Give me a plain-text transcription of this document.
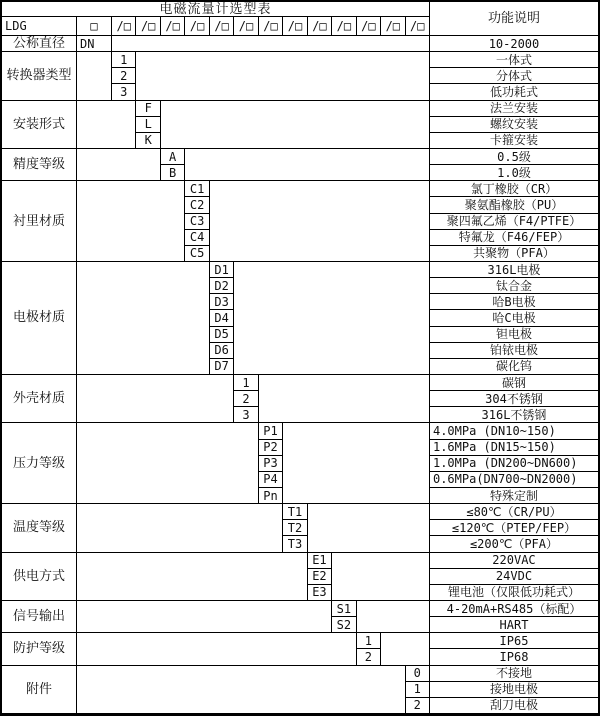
电磁流量计选型表
功能说明
LDG	□	/□ /□ /□ /□ /□ /□ /□ /□ /□ /□ /□ /□ /□
公称直径	DN	10-2000
转换器类型
1	一体式
2	分体式
3	低功耗式
安装形式
F	法兰安装
L	螺纹安装
K	卡箍安装
精度等级
A	0.5级
B	1.0级
衬里材质
C1	氯丁橡胶（CR）
C2	聚氨酯橡胶（PU）
C3	聚四氟乙烯（F4/PTFE）
C4	特氟龙（F46/FEP）
C5	共聚物（PFA）
电极材质
D1	316L电极
D2	钛合金
D3	哈B电极
D4	哈C电极
D5	钽电极
D6	铂铱电极
D7	碳化钨
外壳材质
1	碳钢
2	304不锈钢
3	316L不锈钢
压力等级
P1	4.0MPa (DN10~150)
P2	1.6MPa (DN15~150)
P3	1.0MPa (DN200~DN600)
P4	0.6MPa(DN700~DN2000)
Pn	特殊定制
温度等级
T1	≤80℃（CR/PU）
T2	≤120℃（PTEP/FEP）
T3	≤200℃（PFA）
供电方式
E1	220VAC
E2	24VDC
E3	锂电池（仅限低功耗式）
信号输出
S1	4-20mA+RS485（标配）
S2	HART
防护等级
1	IP65
2	IP68
附件
0	不接地
1	接地电极
2	刮刀电极
